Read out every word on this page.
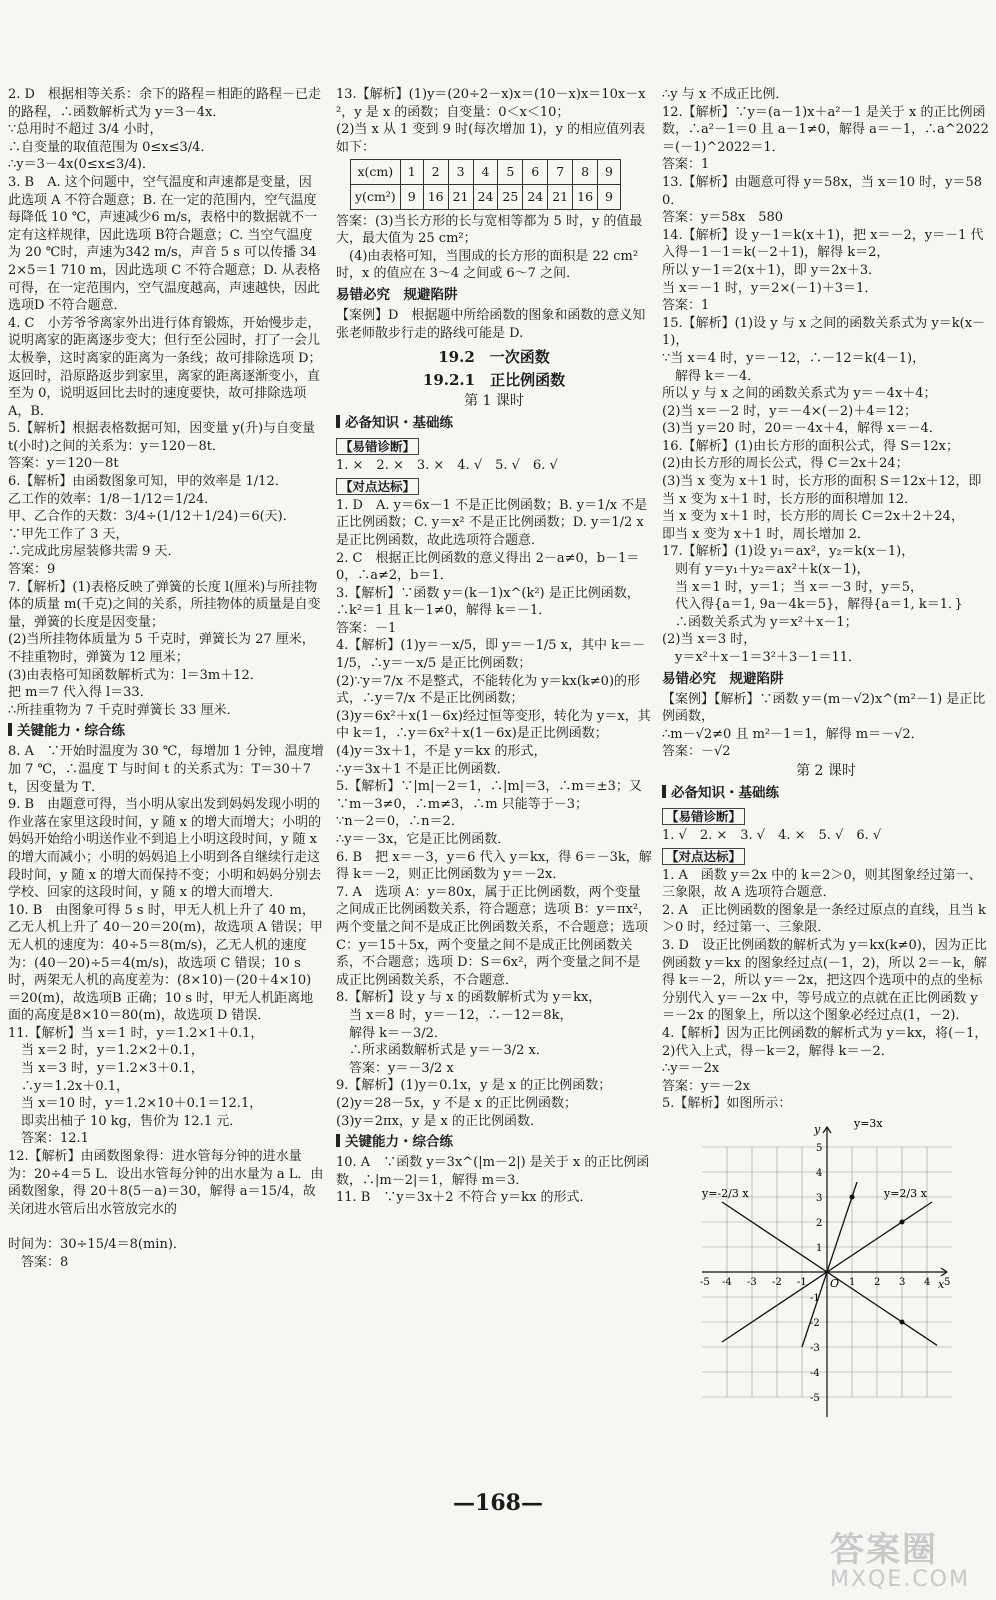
2. D　根据相等关系：余下的路程＝相距的路程－已走的路程，∴函数解析式为 y＝3－4x．
∵总用时不超过 3/4 小时，
∴自变量的取值范围为 0≤x≤3/4．
∴y＝3－4x(0≤x≤3/4)．

3. B　A. 这个问题中，空气温度和声速都是变量，因此选项 A 不符合题意；B. 在一定的范围内，空气温度每降低 10 ℃，声速减少6 m/s，表格中的数据就不一定有这样规律，因此选项 B符合题意；C. 当空气温度为 20 ℃时，声速为342 m/s，声音 5 s 可以传播 342×5＝1 710 m，因此选项 C 不符合题意；D. 从表格可得，在一定范围内，空气温度越高，声速越快，因此选项D 不符合题意．

4. C　小芳爷爷离家外出进行体育锻炼，开始慢步走，说明离家的距离逐步变大；但行至公园时，打了一会儿太极拳，这时离家的距离为一条线；故可排除选项 D；返回时，沿原路返步到家里，离家的距离逐渐变小，直至为 0，说明返回比去时的速度要快，故可排除选项 A，B．

5.【解析】根据表格数据可知，因变量 y(升)与自变量 t(小时)之间的关系为：y＝120－8t．
答案：y＝120－8t

6.【解析】由函数图象可知，甲的效率是 1/12．
乙工作的效率：1/8－1/12＝1/24．
甲、乙合作的天数：3/4÷(1/12＋1/24)＝6(天)．
∵甲先工作了 3 天，
∴完成此房屋装修共需 9 天．
答案：9

7.【解析】(1)表格反映了弹簧的长度 l(厘米)与所挂物体的质量 m(千克)之间的关系，所挂物体的质量是自变量，弹簧的长度是因变量；
(2)当所挂物体质量为 5 千克时，弹簧长为 27 厘米，不挂重物时，弹簧为 12 厘米；
(3)由表格可知函数解析式为：l＝3m＋12．
把 m＝7 代入得 l＝33．
∴所挂重物为 7 千克时弹簧长 33 厘米．

关键能力・综合练

8. A　∵开始时温度为 30 ℃，每增加 1 分钟，温度增加 7 ℃，∴温度 T 与时间 t 的关系式为：T＝30＋7t，因变量为 T．

9. B　由题意可得，当小明从家出发到妈妈发现小明的作业落在家里这段时间，y 随 x 的增大而增大；小明的妈妈开始给小明送作业不到追上小明这段时间，y 随 x 的增大而减小；小明的妈妈追上小明到各自继续行走这段时间，y 随 x 的增大而保持不变；小明和妈妈分别去学校、回家的这段时间，y 随 x 的增大而增大．

10. B　由图象可得 5 s 时，甲无人机上升了 40 m，乙无人机上升了 40－20＝20(m)，故选项 A 错误；甲无人机的速度为：40÷5＝8(m/s)，乙无人机的速度为：(40－20)÷5＝4(m/s)，故选项 C 错误；10 s 时，两架无人机的高度差为：(8×10)－(20＋4×10)＝20(m)，故选项B 正确；10 s 时，甲无人机距离地面的高度是8×10＝80(m)，故选项 D 错误．

11.【解析】当 x＝1 时，y＝1.2×1＋0.1，
　当 x＝2 时，y＝1.2×2＋0.1，
　当 x＝3 时，y＝1.2×3＋0.1，
　∴y＝1.2x＋0.1，
　当 x＝10 时，y＝1.2×10＋0.1＝12.1，
　即卖出柚子 10 kg，售价为 12.1 元．
　答案：12.1

12.【解析】由函数图象得：进水管每分钟的进水量为：20÷4＝5 L．设出水管每分钟的出水量为 a L．由函数图象，得 20＋8(5－a)＝30，解得 a＝15/4，故关闭进水管后出水管放完水的

时间为：30÷15/4＝8(min)．
　答案：8

13.【解析】(1)y＝(20÷2－x)x＝(10－x)x＝10x－x²，y 是 x 的函数；自变量：0＜x＜10；
(2)当 x 从 1 变到 9 时(每次增加 1)，y 的相应值列表如下：

x(cm)	1	2	3	4	5	6	7	8	9
y(cm²)	9	16	21	24	25	24	21	16	9

答案：(3)当长方形的长与宽相等都为 5 时，y 的值最大，最大值为 25 cm²；
　(4)由表格可知，当围成的长方形的面积是 22 cm² 时，x 的值应在 3～4 之间或 6～7 之间．

易错必究　规避陷阱

【案例】D　根据题中所给函数的图象和函数的意义知张老师散步行走的路线可能是 D.

19.2　一次函数
19.2.1　正比例函数
第 1 课时
必备知识・基础练
【易错诊断】

1. ×　2. ×　3. ×　4. √　5. √　6. √

【对点达标】

1. D　A. y＝6x－1 不是正比例函数；B. y＝1/x 不是正比例函数；C. y＝x² 不是正比例函数；D. y＝1/2 x 是正比例函数，故此选项符合题意．

2. C　根据正比例函数的意义得出 2－a≠0，b－1＝0，∴a≠2，b＝1．

3.【解析】∵函数 y＝(k－1)x^(k²) 是正比例函数，∴k²＝1 且 k－1≠0，解得 k＝－1．
答案：－1

4.【解析】(1)y＝－x/5，即 y＝－1/5 x，其中 k＝－1/5，∴y＝－x/5 是正比例函数；
(2)∵y＝7/x 不是整式，不能转化为 y＝kx(k≠0)的形式，∴y＝7/x 不是正比例函数；
(3)y＝6x²＋x(1－6x)经过恒等变形，转化为 y＝x，其中 k＝1，∴y＝6x²＋x(1－6x)是正比例函数；
(4)y＝3x＋1，不是 y＝kx 的形式，
∴y＝3x＋1 不是正比例函数．

5.【解析】∵|m|－2＝1，∴|m|＝3，∴m＝±3；又∵m－3≠0，∴m≠3，∴m 只能等于－3；
∵n－2＝0，∴n＝2．
∴y＝－3x，它是正比例函数．

6. B　把 x＝－3，y＝6 代入 y＝kx，得 6＝－3k，解得 k＝－2，则正比例函数为 y＝－2x．

7. A　选项 A：y＝80x，属于正比例函数，两个变量之间成正比例函数关系，符合题意；选项 B：y＝πx²，两个变量之间不是成正比例函数关系，不合题意；选项 C：y＝15＋5x，两个变量之间不是成正比例函数关系，不合题意；选项 D：S＝6x²，两个变量之间不是成正比例函数关系，不合题意．

8.【解析】设 y 与 x 的函数解析式为 y＝kx，
　当 x＝8 时，y＝－12，∴－12＝8k，
　解得 k＝－3/2．
　∴所求函数解析式是 y＝－3/2 x．
　答案：y＝－3/2 x

9.【解析】(1)y＝0.1x，y 是 x 的正比例函数；
(2)y＝28－5x，y 不是 x 的正比例函数；
(3)y＝2πx，y 是 x 的正比例函数．

关键能力・综合练

10. A　∵函数 y＝3x^(|m－2|) 是关于 x 的正比例函数，∴|m－2|＝1，解得 m＝3．
11. B　∵y＝3x＋2 不符合 y＝kx 的形式．

∴y 与 x 不成正比例．

12.【解析】∵y＝(a－1)x＋a²－1 是关于 x 的正比例函数，∴a²－1＝0 且 a－1≠0，解得 a＝－1，∴a^2022＝(－1)^2022＝1．
答案：1

13.【解析】由题意可得 y＝58x，当 x＝10 时，y＝580．
答案：y＝58x　580

14.【解析】设 y－1＝k(x＋1)，把 x＝－2，y＝－1 代入得－1－1＝k(－2＋1)，解得 k＝2，
所以 y－1＝2(x＋1)，即 y＝2x＋3．
当 x＝－1 时，y＝2×(－1)＋3＝1．
答案：1

15.【解析】(1)设 y 与 x 之间的函数关系式为 y＝k(x－1)，
∵当 x＝4 时，y＝－12，∴－12＝k(4－1)，
　解得 k＝－4．
所以 y 与 x 之间的函数关系式为 y＝－4x＋4；
(2)当 x＝－2 时，y＝－4×(－2)＋4＝12；
(3)当 y＝20 时，20＝－4x＋4，解得 x＝－4．

16.【解析】(1)由长方形的面积公式，得 S＝12x；
(2)由长方形的周长公式，得 C＝2x＋24；
(3)当 x 变为 x＋1 时，长方形的面积 S＝12x＋12，即当 x 变为 x＋1 时，长方形的面积增加 12．
当 x 变为 x＋1 时，长方形的周长 C＝2x＋2＋24，
即当 x 变为 x＋1 时，周长增加 2．

17.【解析】(1)设 y₁＝ax²，y₂＝k(x－1)，
　则有 y＝y₁＋y₂＝ax²＋k(x－1)，
　当 x＝1 时，y＝1；当 x＝－3 时，y＝5，
　代入得{a＝1, 9a－4k＝5}，解得{a＝1, k＝1．}
　∴函数关系式为 y＝x²＋x－1；
(2)当 x＝3 时，
　y＝x²＋x－1＝3²＋3－1＝11．

易错必究　规避陷阱

【案例】【解析】∵函数 y＝(m－√2)x^(m²－1) 是正比例函数，
∴m－√2≠0 且 m²－1＝1，解得 m＝－√2．
答案：－√2

第 2 课时
必备知识・基础练
【易错诊断】

1. √　2. ×　3. √　4. ×　5. √　6. √

【对点达标】

1. A　函数 y＝2x 中的 k＝2＞0，则其图象经过第一、三象限，故 A 选项符合题意．

2. A　正比例函数的图象是一条经过原点的直线，且当 k＞0 时，经过第一、三象限．

3. D　设正比例函数的解析式为 y＝kx(k≠0)，因为正比例函数 y＝kx 的图象经过点(－1，2)，所以 2＝－k，解得 k＝－2，所以 y＝－2x，把这四个选项中的点的坐标分别代入 y＝－2x 中，等号成立的点就在正比例函数 y＝－2x 的图象上，所以这个图象必经过点(1，－2)．

4.【解析】因为正比例函数的解析式为 y＝kx，将(－1，2)代入上式，得－k＝2，解得 k＝－2．
∴y＝－2x
答案：y＝－2x

5.【解析】如图所示：

y=3x
y=-2/3 x	y=2/3 x
x
y
O
-5 -4 -3 -2 -1	1 2 3 4 5
5
4
3
2
1
-1
-2
-3
-4
-5
—168—
答案圈
MXQE.COM
